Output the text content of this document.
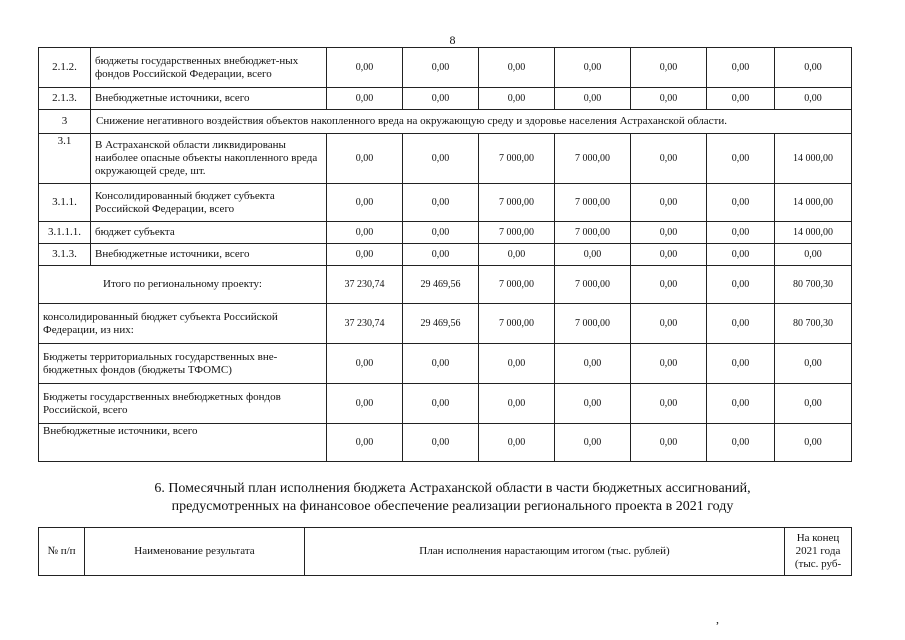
8
2.1.2.	бюджеты государственных внебюджет-ных фондов Российской Федерации, всего	0,00	0,00	0,00	0,00	0,00	0,00	0,00
2.1.3.	Внебюджетные источники, всего	0,00	0,00	0,00	0,00	0,00	0,00	0,00
3	Снижение негативного воздействия объектов накопленного вреда на окружающую среду и здоровье населения Астраханской области.							
3.1	В Астраханской области ликвидированы наиболее опасные объекты накопленного вреда окружающей среде, шт.	0,00	0,00	7 000,00	7 000,00	0,00	0,00	14 000,00
3.1.1.	Консолидированный бюджет субъекта Российской Федерации, всего	0,00	0,00	7 000,00	7 000,00	0,00	0,00	14 000,00
3.1.1.1.	бюджет субъекта	0,00	0,00	7 000,00	7 000,00	0,00	0,00	14 000,00
3.1.3.	Внебюджетные источники, всего	0,00	0,00	0,00	0,00	0,00	0,00	0,00
Итого по региональному проекту:		37 230,74	29 469,56	7 000,00	7 000,00	0,00	0,00	80 700,30
консолидированный бюджет субъекта Российской Федерации, из них:		37 230,74	29 469,56	7 000,00	7 000,00	0,00	0,00	80 700,30
Бюджеты территориальных государственных вне-бюджетных фондов (бюджеты ТФОМС)		0,00	0,00	0,00	0,00	0,00	0,00	0,00
Бюджеты государственных внебюджетных фондов Российской, всего		0,00	0,00	0,00	0,00	0,00	0,00	0,00
Внебюджетные источники, всего		0,00	0,00	0,00	0,00	0,00	0,00	0,00
6. Помесячный план исполнения бюджета Астраханской области в части бюджетных ассигнований,
предусмотренных на финансовое обеспечение реализации регионального проекта в 2021 году
№ п/п	Наименование результата	План исполнения нарастающим итогом (тыс. рублей)	
На конец
2021 года
(тыс. руб-
,
